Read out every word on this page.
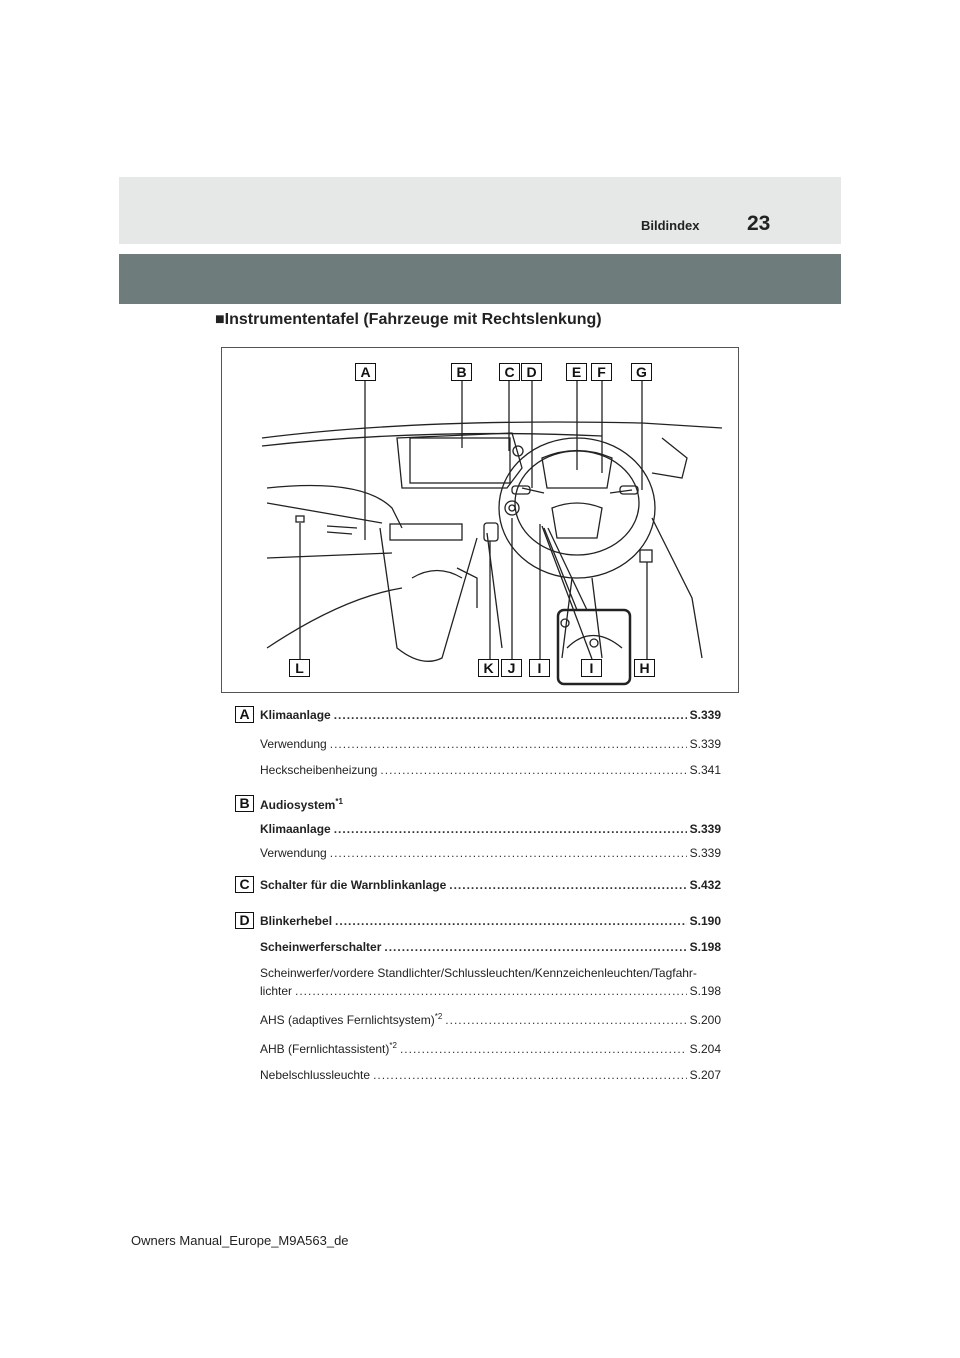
Bildindex 23
■Instrumententafel (Fahrzeuge mit Rechtslenkung)
A	B	C D	E	F	G
L	K	J	I	I	H
A Klimaanlage .....	S.339
Verwendung .....	S.339
Heckscheibenheizung .....	S.341
B Audiosystem$^{*1}$
Klimaanlage .....	S.339
Verwendung .....	S.339
C Schalter für die Warnblinkanlage .....	S.432
D Blinkerhebel .....	S.190
Scheinwerferschalter .....	S.198
Scheinwerfer/vordere Standlichter/Schlussleuchten/Kennzeichenleuchten/Tagfahr-
lichter .....	S.198
AHS (adaptives Fernlichtsystem)$^{*2}$ .....	S.200
AHB (Fernlichtassistent)$^{*2}$ .....	S.204
Nebelschlussleuchte .....	S.207
Owners Manual_Europe_M9A563_de
